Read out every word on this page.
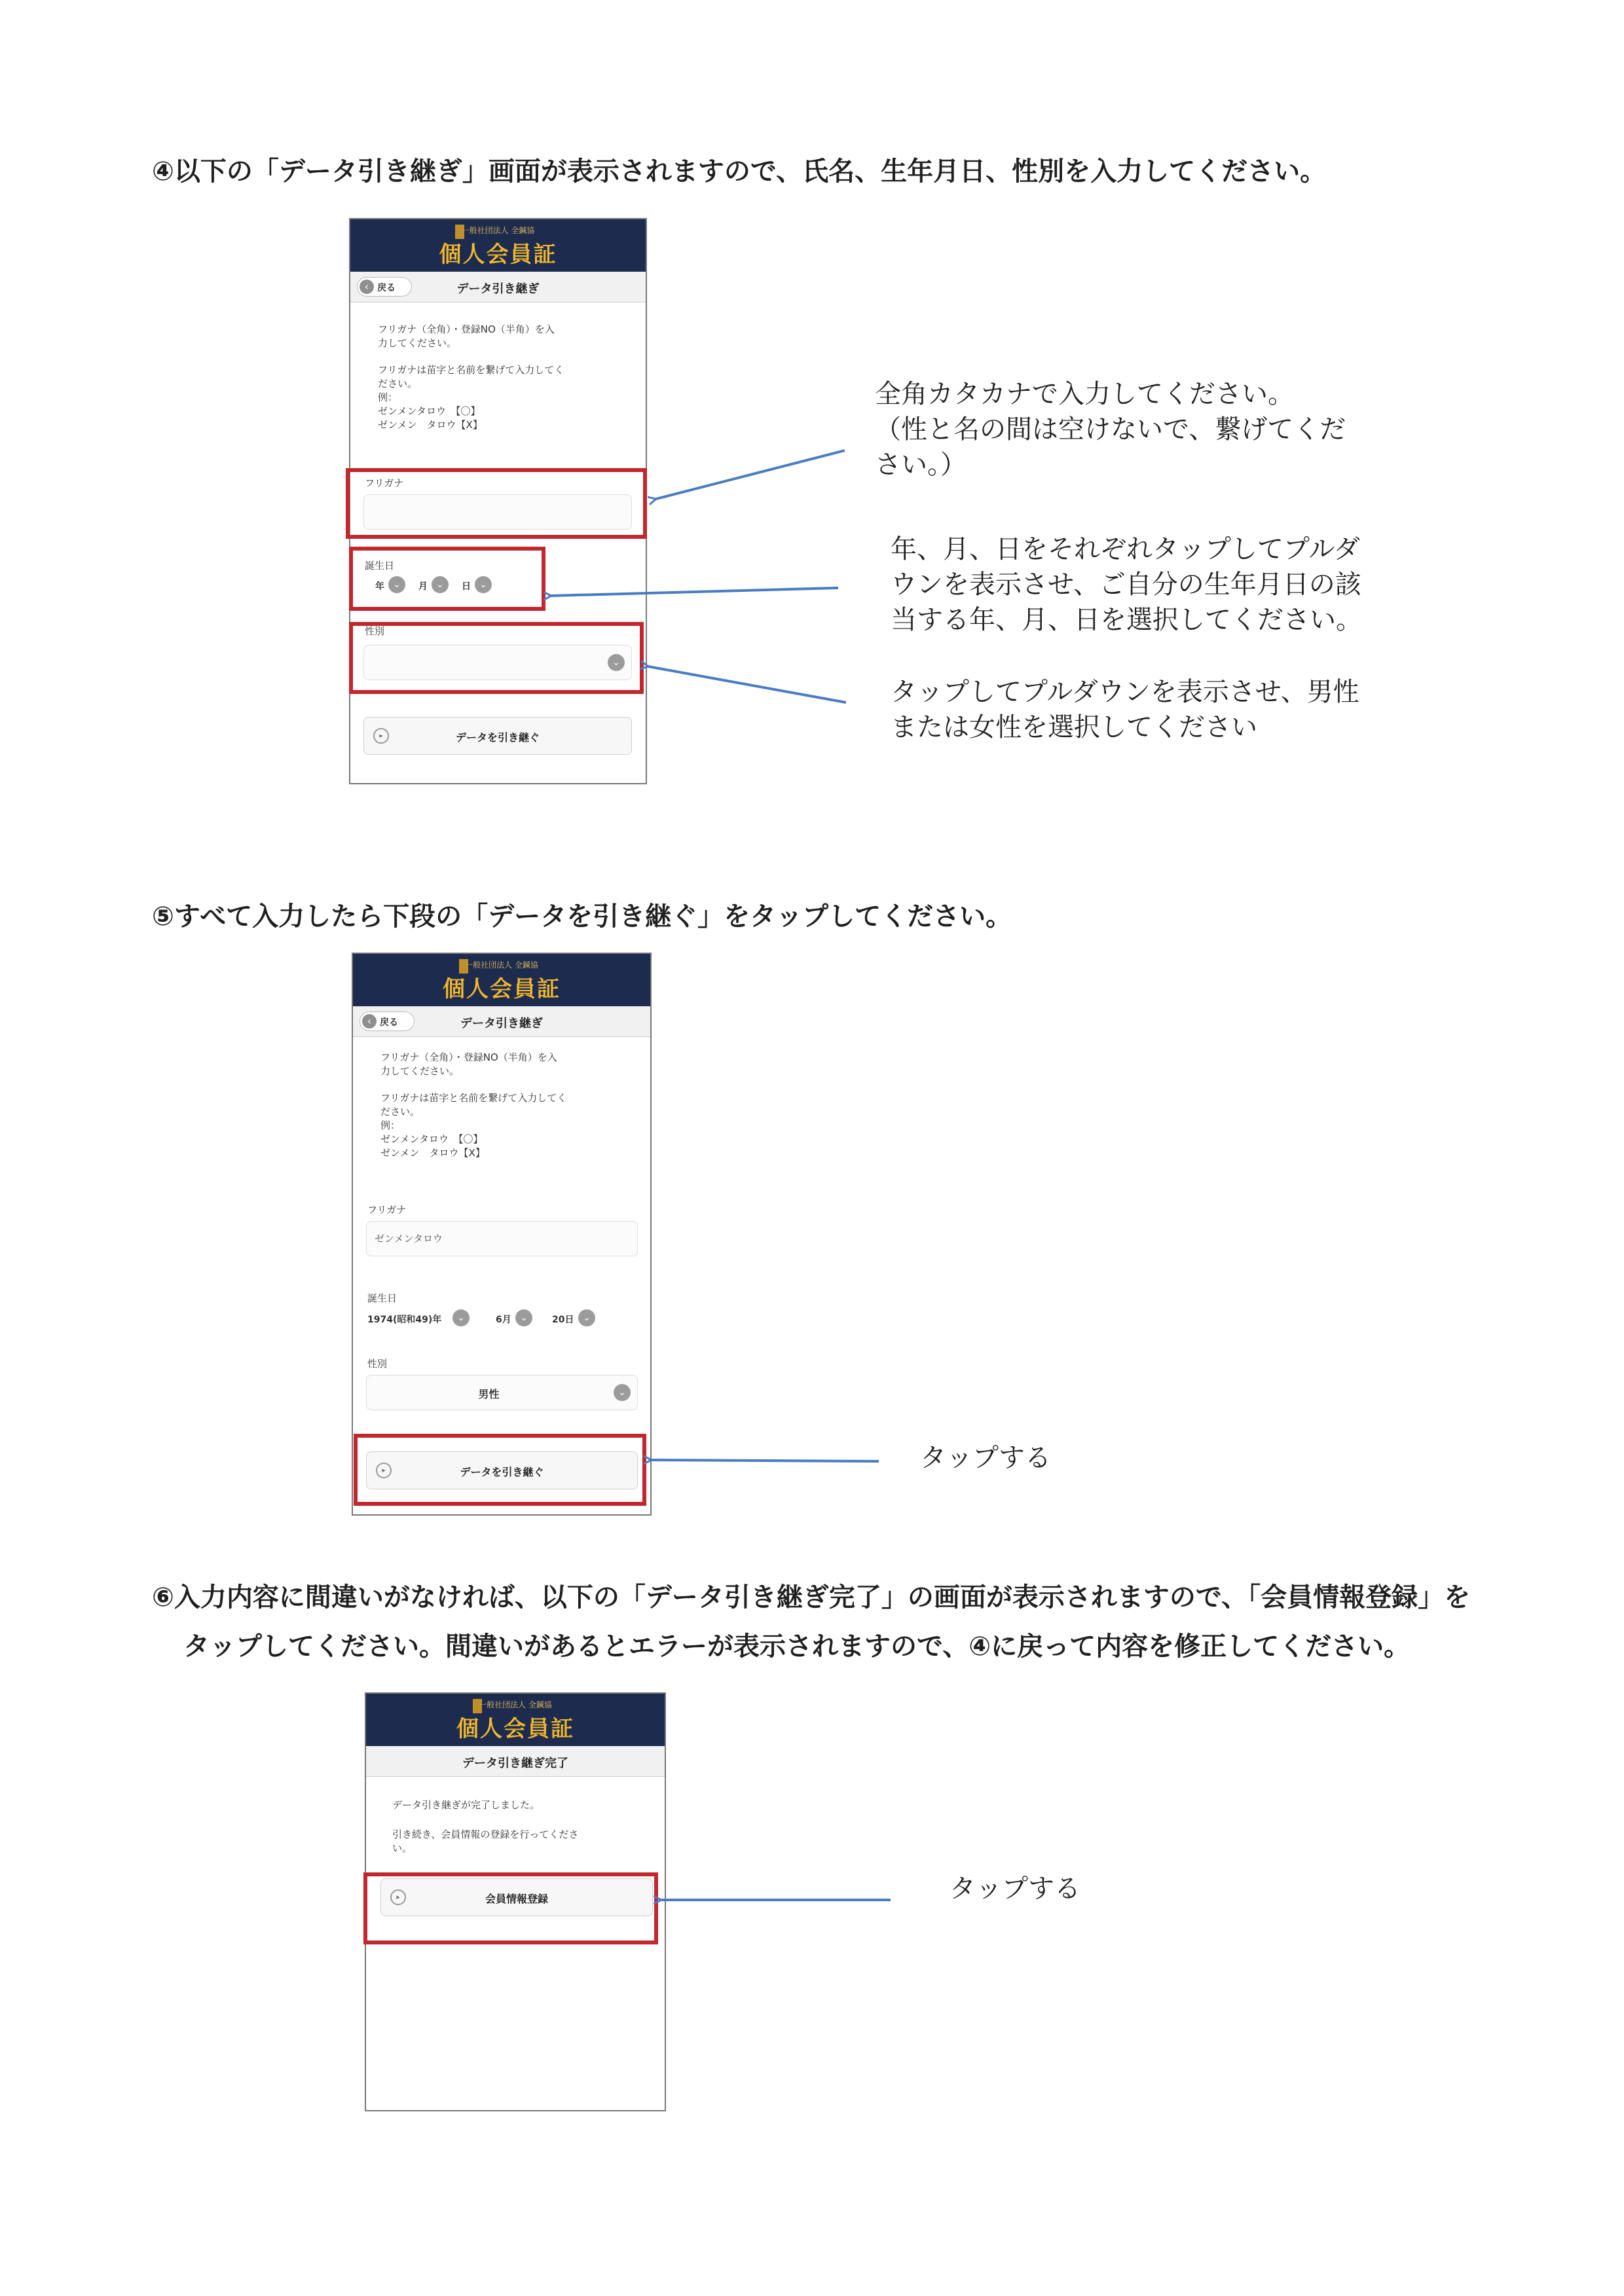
④以下の「データ引き継ぎ」画面が表示されますので、氏名、生年月日、性別を入力してください。
⑤すべて入力したら下段の「データを引き継ぐ」をタップしてください。
⑥入力内容に間違いがなければ、以下の「データ引き継ぎ完了」の画面が表示されますので、「会員情報登録」を
タップしてください。間違いがあるとエラーが表示されますので、④に戻って内容を修正してください。
一般社団法人 全鍼協
個人会員証
‹ 戻る	データ引き継ぎ
フリガナ（全角）・登録NO（半角）を入
力してください。
フリガナは苗字と名前を繋げて入力してく
ださい。
例：
ゼンメンタロウ　【〇】
ゼンメン　タロウ【X】
フリガナ
誕生日
年 ⌄	月 ⌄	日 ⌄
性別
⌄
▸	データを引き継ぐ
一般社団法人 全鍼協
個人会員証
‹ 戻る	データ引き継ぎ
フリガナ（全角）・登録NO（半角）を入
力してください。
フリガナは苗字と名前を繋げて入力してく
ださい。
例：
ゼンメンタロウ　【〇】
ゼンメン　タロウ【X】
フリガナ
ゼンメンタロウ
誕生日
1974(昭和49)年	⌄	6月 ⌄	20日 ⌄
性別
男性	⌄
▸	データを引き継ぐ
一般社団法人 全鍼協
個人会員証
データ引き継ぎ完了
データ引き継ぎが完了しました。
引き続き、会員情報の登録を行ってくださ
い。
▸	会員情報登録
全角カタカナで入力してください。
（性と名の間は空けないで、繋げてくだ
さい。）
年、月、日をそれぞれタップしてプルダ
ウンを表示させ、ご自分の生年月日の該
当する年、月、日を選択してください。
タップしてプルダウンを表示させ、男性
または女性を選択してください
タップする
タップする
